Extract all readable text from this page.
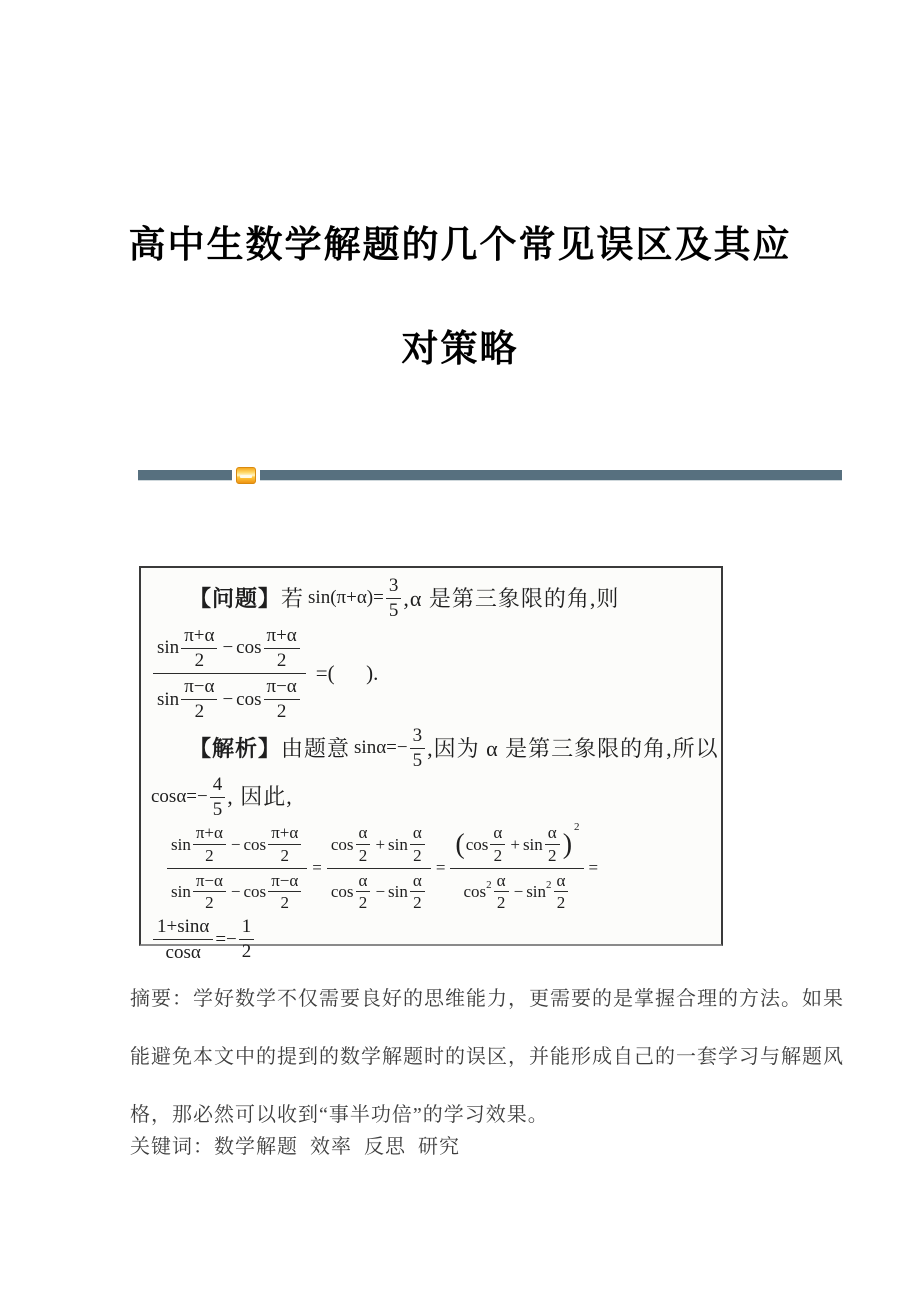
高中生数学解题的几个常见误区及其应
对策略
【问题】 若 $\sin(\pi+\alpha)= \frac{3}{5} ,\alpha$ 是第三象限的角,则
$\sin \frac{\pi+\alpha}{2} - \cos \frac{\pi+\alpha}{2}$
$\sin \frac{\pi-\alpha}{2} - \cos \frac{\pi-\alpha}{2}$
=(      ).
【解析】 由题意 $\sin\alpha=- \frac{3}{5}$ ,因为 α 是第三象限的角,所以
$\cos\alpha=- \frac{4}{5}$ , 因此,
$\sin \frac{\pi+\alpha}{2} - \cos \frac{\pi+\alpha}{2}$
$\sin \frac{\pi-\alpha}{2} - \cos \frac{\pi-\alpha}{2}$
=
$\cos \frac{\alpha}{2} + \sin \frac{\alpha}{2}$
$\cos \frac{\alpha}{2} - \sin \frac{\alpha}{2}$
=
( $\cos \frac{\alpha}{2} + \sin \frac{\alpha}{2}$ )
2
$\cos 2 \frac{\alpha}{2} - \sin 2 \frac{\alpha}{2}$
=
$\frac{1+\sin\alpha}{\cos\alpha} =- \frac{1}{2}$
摘要：学好数学不仅需要良好的思维能力，更需要的是掌握合理的方法。如果
能避免本文中的提到的数学解题时的误区，并能形成自己的一套学习与解题风
格，那必然可以收到“事半功倍”的学习效果。
关键词：数学解题  效率  反思  研究
